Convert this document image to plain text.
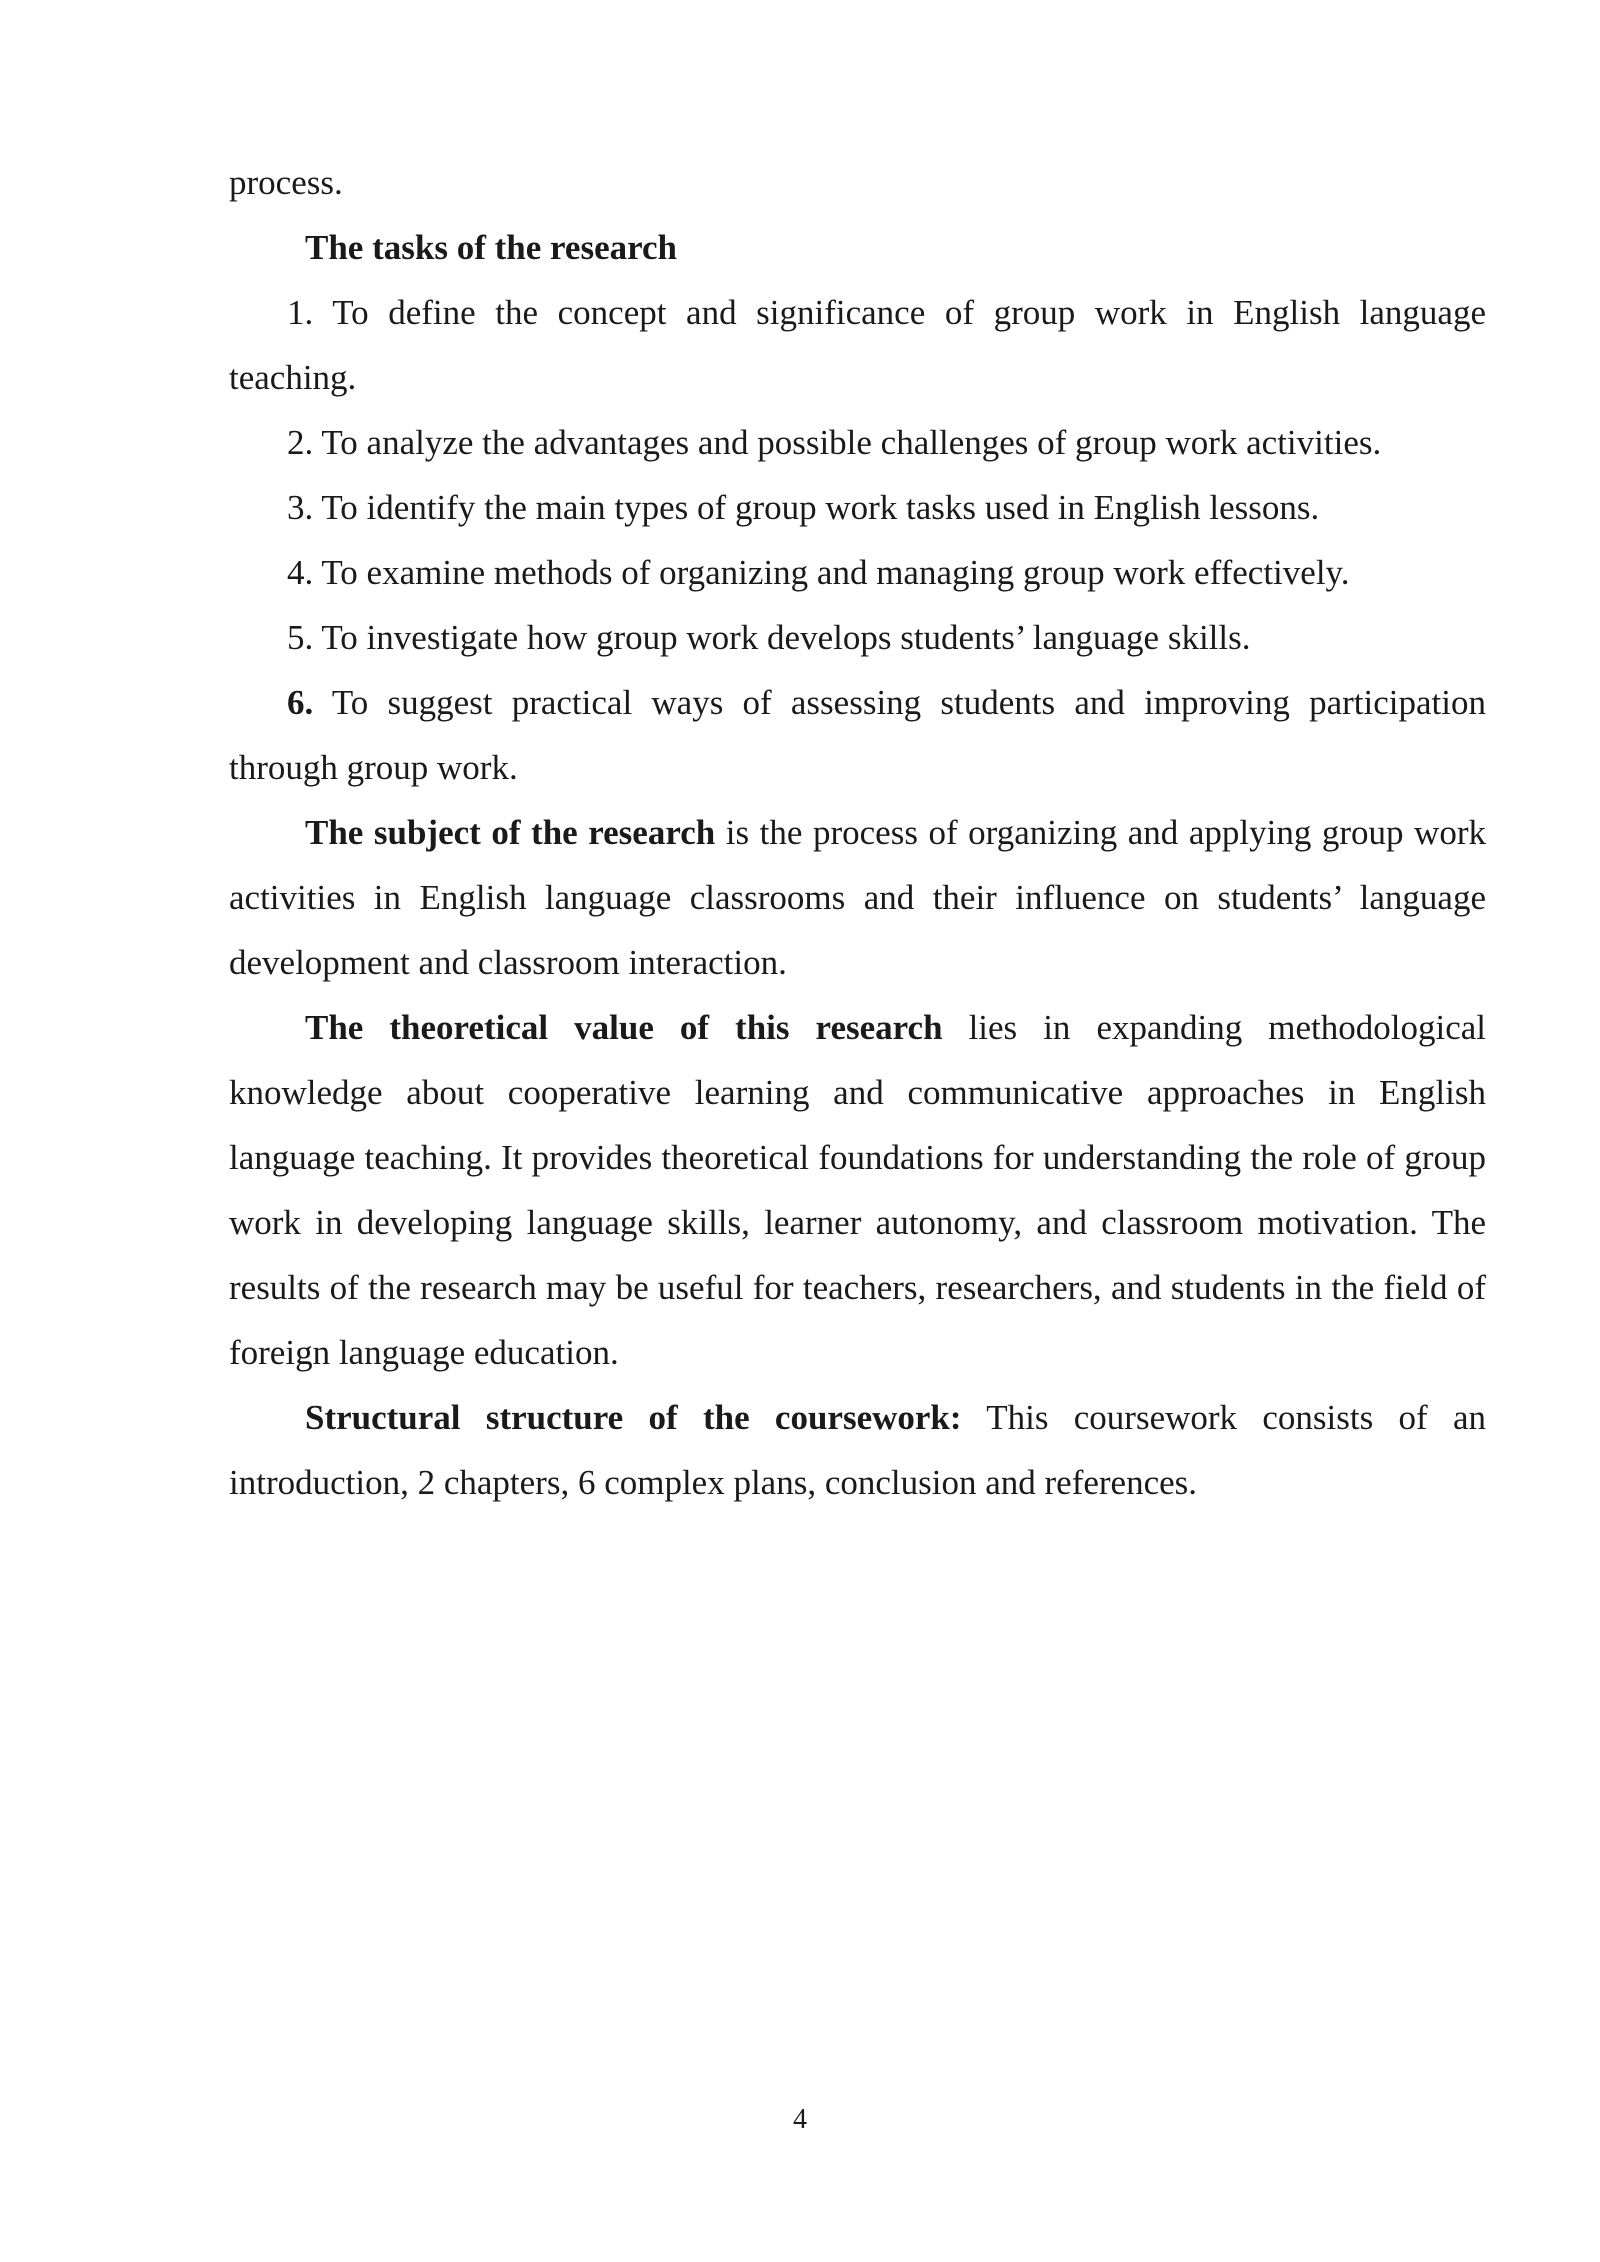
process.

The tasks of the research

1. To define the concept and significance of group work in English language teaching.

2. To analyze the advantages and possible challenges of group work activities.

3. To identify the main types of group work tasks used in English lessons.

4. To examine methods of organizing and managing group work effectively.

5. To investigate how group work develops students’ language skills.

6. To suggest practical ways of assessing students and improving participation through group work.

The subject of the research is the process of organizing and applying group work activities in English language classrooms and their influence on students’ language development and classroom interaction.

The theoretical value of this research lies in expanding methodological knowledge about cooperative learning and communicative approaches in English language teaching. It provides theoretical foundations for understanding the role of group work in developing language skills, learner autonomy, and classroom motivation. The results of the research may be useful for teachers, researchers, and students in the field of foreign language education.

Structural structure of the coursework: This coursework consists of an introduction, 2 chapters, 6 complex plans, conclusion and references.

4
